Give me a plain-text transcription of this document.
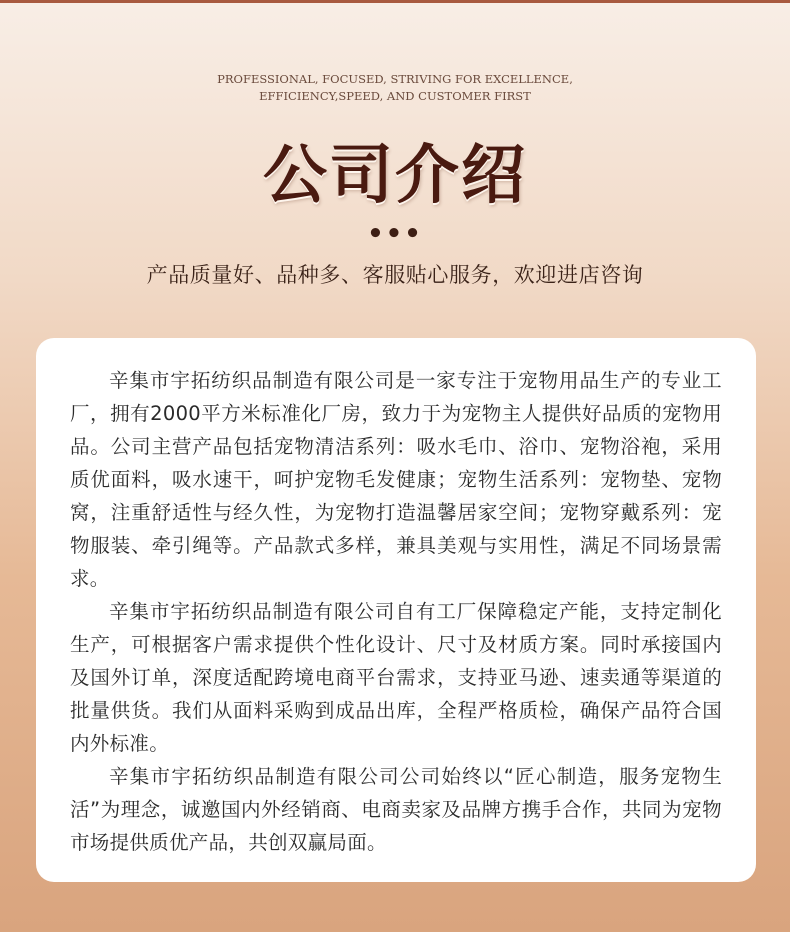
PROFESSIONAL, FOCUSED, STRIVING FOR EXCELLENCE,
EFFICIENCY,SPEED, AND CUSTOMER FIRST
公司介绍
•••
产品质量好、品种多、客服贴心服务，欢迎进店咨询

辛集市宇拓纺织品制造有限公司是一家专注于宠物用品生产的专业工厂，拥有2000平方米标准化厂房，致力于为宠物主人提供好品质的宠物用品。公司主营产品包括宠物清洁系列：吸水毛巾、浴巾、宠物浴袍，采用质优面料，吸水速干，呵护宠物毛发健康；宠物生活系列：宠物垫、宠物窝，注重舒适性与经久性，为宠物打造温馨居家空间；宠物穿戴系列：宠物服装、牵引绳等。产品款式多样，兼具美观与实用性，满足不同场景需求。

辛集市宇拓纺织品制造有限公司自有工厂保障稳定产能，支持定制化生产，可根据客户需求提供个性化设计、尺寸及材质方案。同时承接国内及国外订单，深度适配跨境电商平台需求，支持亚马逊、速卖通等渠道的批量供货。我们从面料采购到成品出库，全程严格质检，确保产品符合国内外标准。

辛集市宇拓纺织品制造有限公司公司始终以“匠心制造，服务宠物生活”为理念，诚邀国内外经销商、电商卖家及品牌方携手合作，共同为宠物市场提供质优产品，共创双赢局面。
